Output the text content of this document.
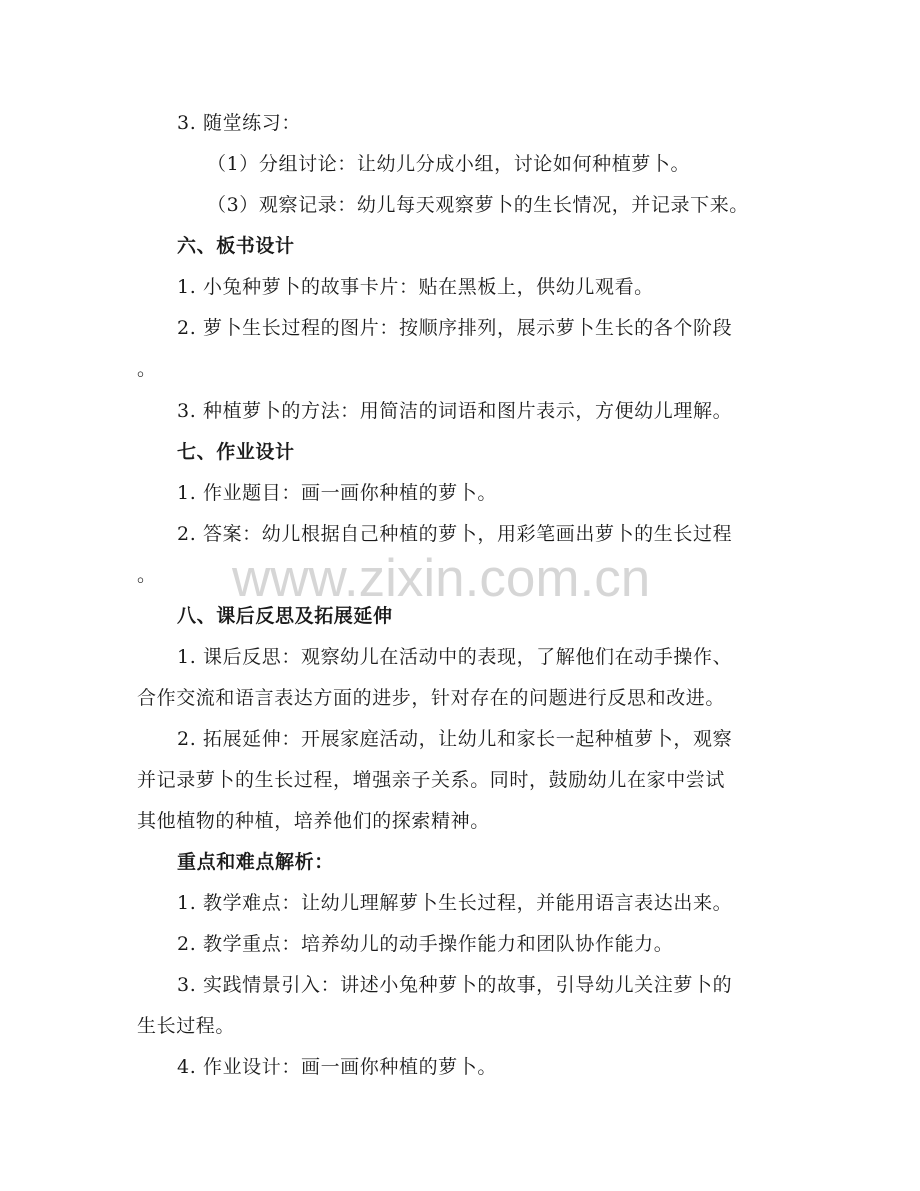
3. 随堂练习：
（1）分组讨论：让幼儿分成小组，讨论如何种植萝卜。
（3）观察记录：幼儿每天观察萝卜的生长情况，并记录下来。
六、板书设计
1. 小兔种萝卜的故事卡片：贴在黑板上，供幼儿观看。
2. 萝卜生长过程的图片：按顺序排列，展示萝卜生长的各个阶段
。
3. 种植萝卜的方法：用简洁的词语和图片表示，方便幼儿理解。
七、作业设计
1. 作业题目：画一画你种植的萝卜。
2. 答案：幼儿根据自己种植的萝卜，用彩笔画出萝卜的生长过程
。
八、课后反思及拓展延伸
1. 课后反思：观察幼儿在活动中的表现，了解他们在动手操作、
合作交流和语言表达方面的进步，针对存在的问题进行反思和改进。
2. 拓展延伸：开展家庭活动，让幼儿和家长一起种植萝卜，观察
并记录萝卜的生长过程，增强亲子关系。同时，鼓励幼儿在家中尝试
其他植物的种植，培养他们的探索精神。
重点和难点解析：
1. 教学难点：让幼儿理解萝卜生长过程，并能用语言表达出来。
2. 教学重点：培养幼儿的动手操作能力和团队协作能力。
3. 实践情景引入：讲述小兔种萝卜的故事，引导幼儿关注萝卜的
生长过程。
4. 作业设计：画一画你种植的萝卜。
www.zixin.com.cn
